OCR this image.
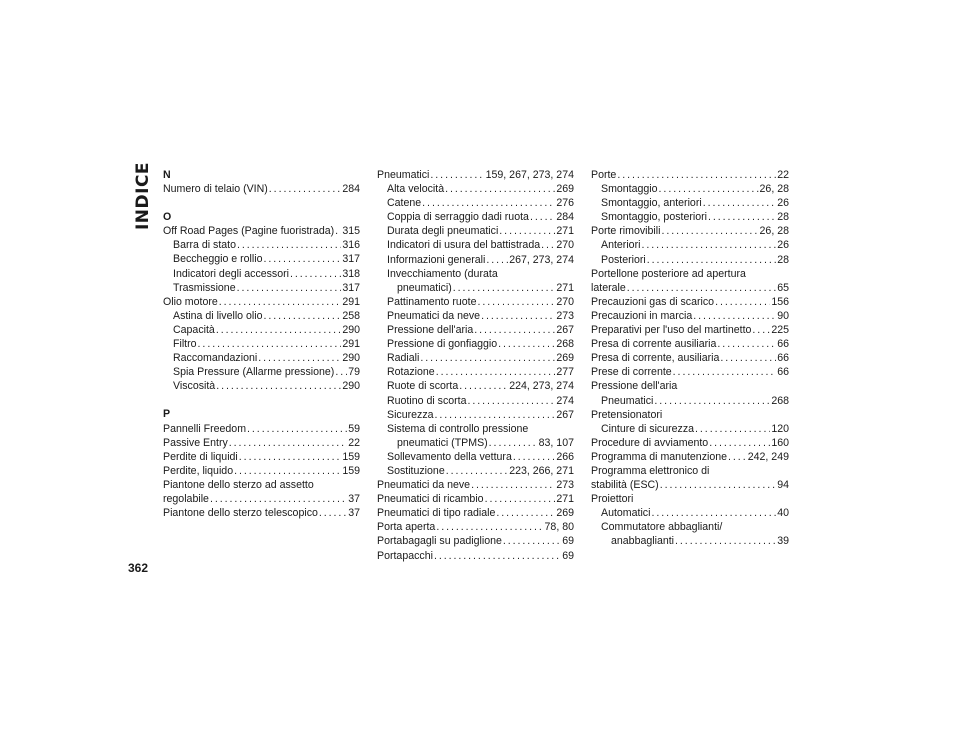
INDICE N
Numero di telaio (VIN) . . .	284
O
Off Road Pages (Pagine fuoristrada) . . . 315
Barra di stato . . .	316
Beccheggio e rollio . . .	317
Indicatori degli accessori . . .	318
Trasmissione . . .	317
Olio motore . . .	291
Astina di livello olio . . .	258
Capacità . . .	290
Filtro . . .	291
Raccomandazioni . . .	290
Spia Pressure (Allarme pressione) . . . 79
Viscosità . . .	290
P
Pannelli Freedom . . .	59
Passive Entry . . .	22
Perdite di liquidi . . .	159
Perdite, liquido . . .	159
Piantone dello sterzo ad assetto
regolabile . . .	37
Piantone dello sterzo telescopico . . .	37
Pneumatici . . .	159, 267, 273, 274
Alta velocità . . .	269
Catene . . .	276
Coppia di serraggio dadi ruota . . .	284
Durata degli pneumatici . . .	271
Indicatori di usura del battistrada . . . 270
Informazioni generali . . . 267, 273, 274
Invecchiamento (durata
pneumatici) . . .	271
Pattinamento ruote . . .	270
Pneumatici da neve . . .	273
Pressione dell'aria . . .	267
Pressione di gonfiaggio . . .	268
Radiali . . .	269
Rotazione . . .	277
Ruote di scorta . . .	224, 273, 274
Ruotino di scorta . . .	274
Sicurezza . . .	267
Sistema di controllo pressione
pneumatici (TPMS) . . .	83, 107
Sollevamento della vettura . . .	266
Sostituzione . . .	223, 266, 271
Pneumatici da neve . . .	273
Pneumatici di ricambio . . .	271
Pneumatici di tipo radiale . . .	269
Porta aperta . . .	78, 80
Portabagagli su padiglione . . .	69
Portapacchi . . .	69
Porte . . .	22
Smontaggio . . .	26, 28
Smontaggio, anteriori . . .	26
Smontaggio, posteriori . . .	28
Porte rimovibili . . .	26, 28
Anteriori . . .	26
Posteriori . . .	28
Portellone posteriore ad apertura
laterale . . .	65
Precauzioni gas di scarico . . .	156
Precauzioni in marcia . . .	90
Preparativi per l'uso del martinetto . . . 225
Presa di corrente ausiliaria . . .	66
Presa di corrente, ausiliaria . . .	66
Prese di corrente . . .	66
Pressione dell'aria
Pneumatici . . .	268
Pretensionatori
Cinture di sicurezza . . .	120
Procedure di avviamento . . .	160
Programma di manutenzione . . . 242, 249
Programma elettronico di
stabilità (ESC) . . .	94
Proiettori
Automatici . . .	40
Commutatore abbaglianti/
anabbaglianti . . .	39
362
